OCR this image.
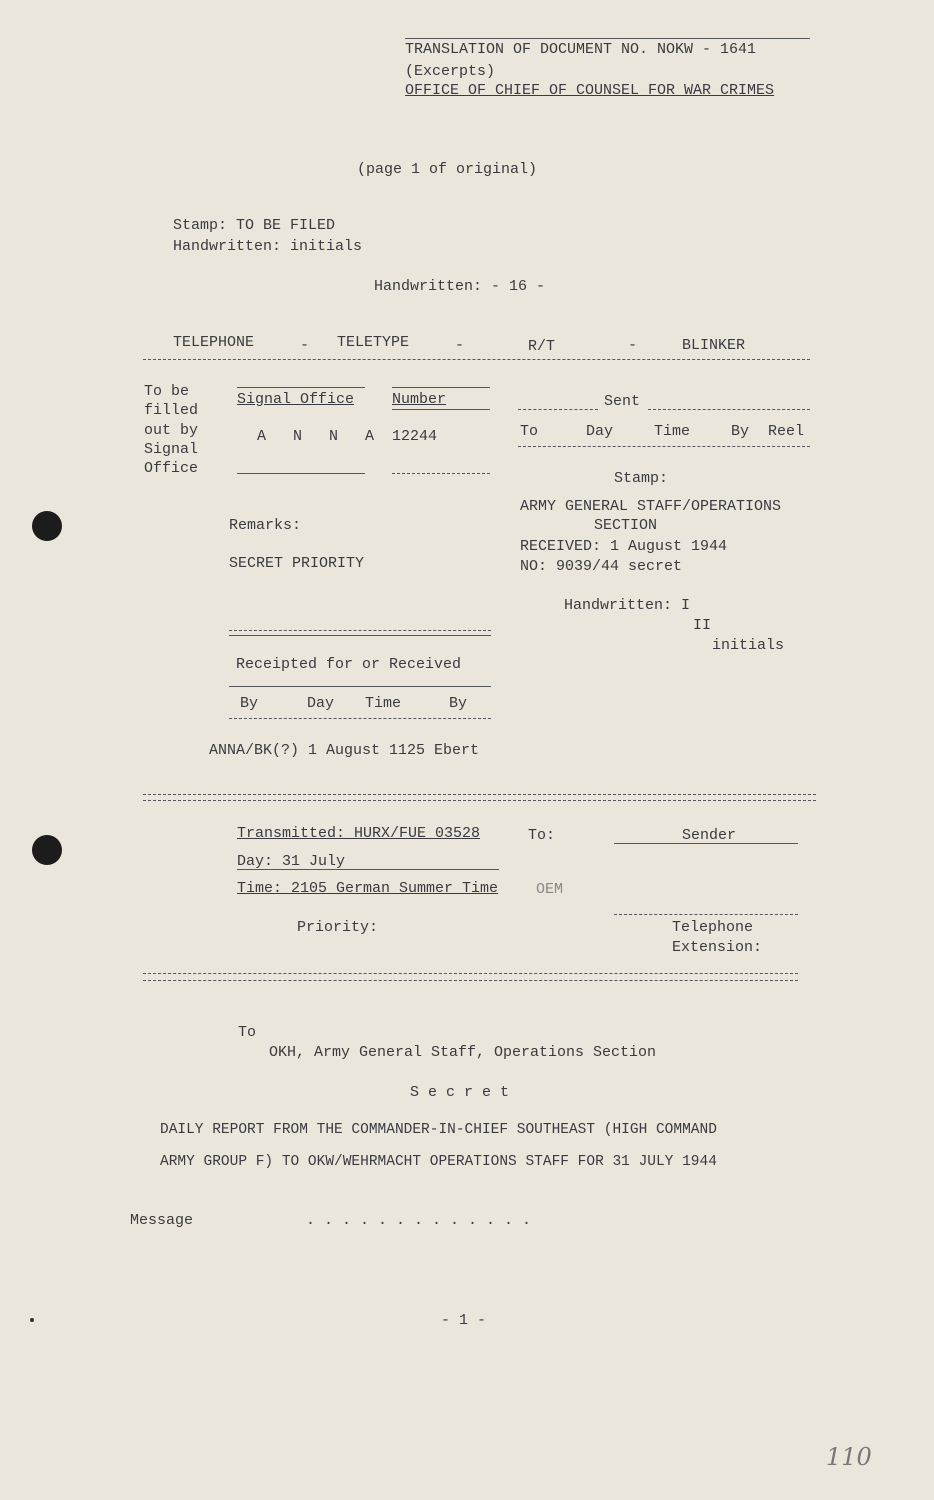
TRANSLATION OF DOCUMENT NO. NOKW - 1641
(Excerpts)
OFFICE OF CHIEF OF COUNSEL FOR WAR CRIMES
(page 1 of original)
Stamp: TO BE FILED
Handwritten: initials
Handwritten: - 16 -
TELEPHONE	- TELETYPE	-	R/T	-	BLINKER
To be
filled
out by
Signal
Office
Signal Office	Number
A N N A 12244
Sent
To	Day	Time	By Reel
Stamp:
ARMY GENERAL STAFF/OPERATIONS
SECTION
RECEIVED: 1 August 1944
NO: 9039/44 secret
Handwritten: I
II
initials
Remarks:
SECRET PRIORITY
Receipted for or Received
By	Day Time	By
ANNA/BK(?) 1 August 1125 Ebert
Transmitted: HURX/FUE 03528	To:	Sender
Day: 31 July
Time: 2105 German Summer Time	OEM
Priority:	Telephone
Extension:
To
OKH, Army General Staff, Operations Section
Secret
DAILY REPORT FROM THE COMMANDER-IN-CHIEF SOUTHEAST (HIGH COMMAND
ARMY GROUP F) TO OKW/WEHRMACHT OPERATIONS STAFF FOR 31 JULY 1944
Message	. . . . . . . . . . . . .
- 1 -
110
